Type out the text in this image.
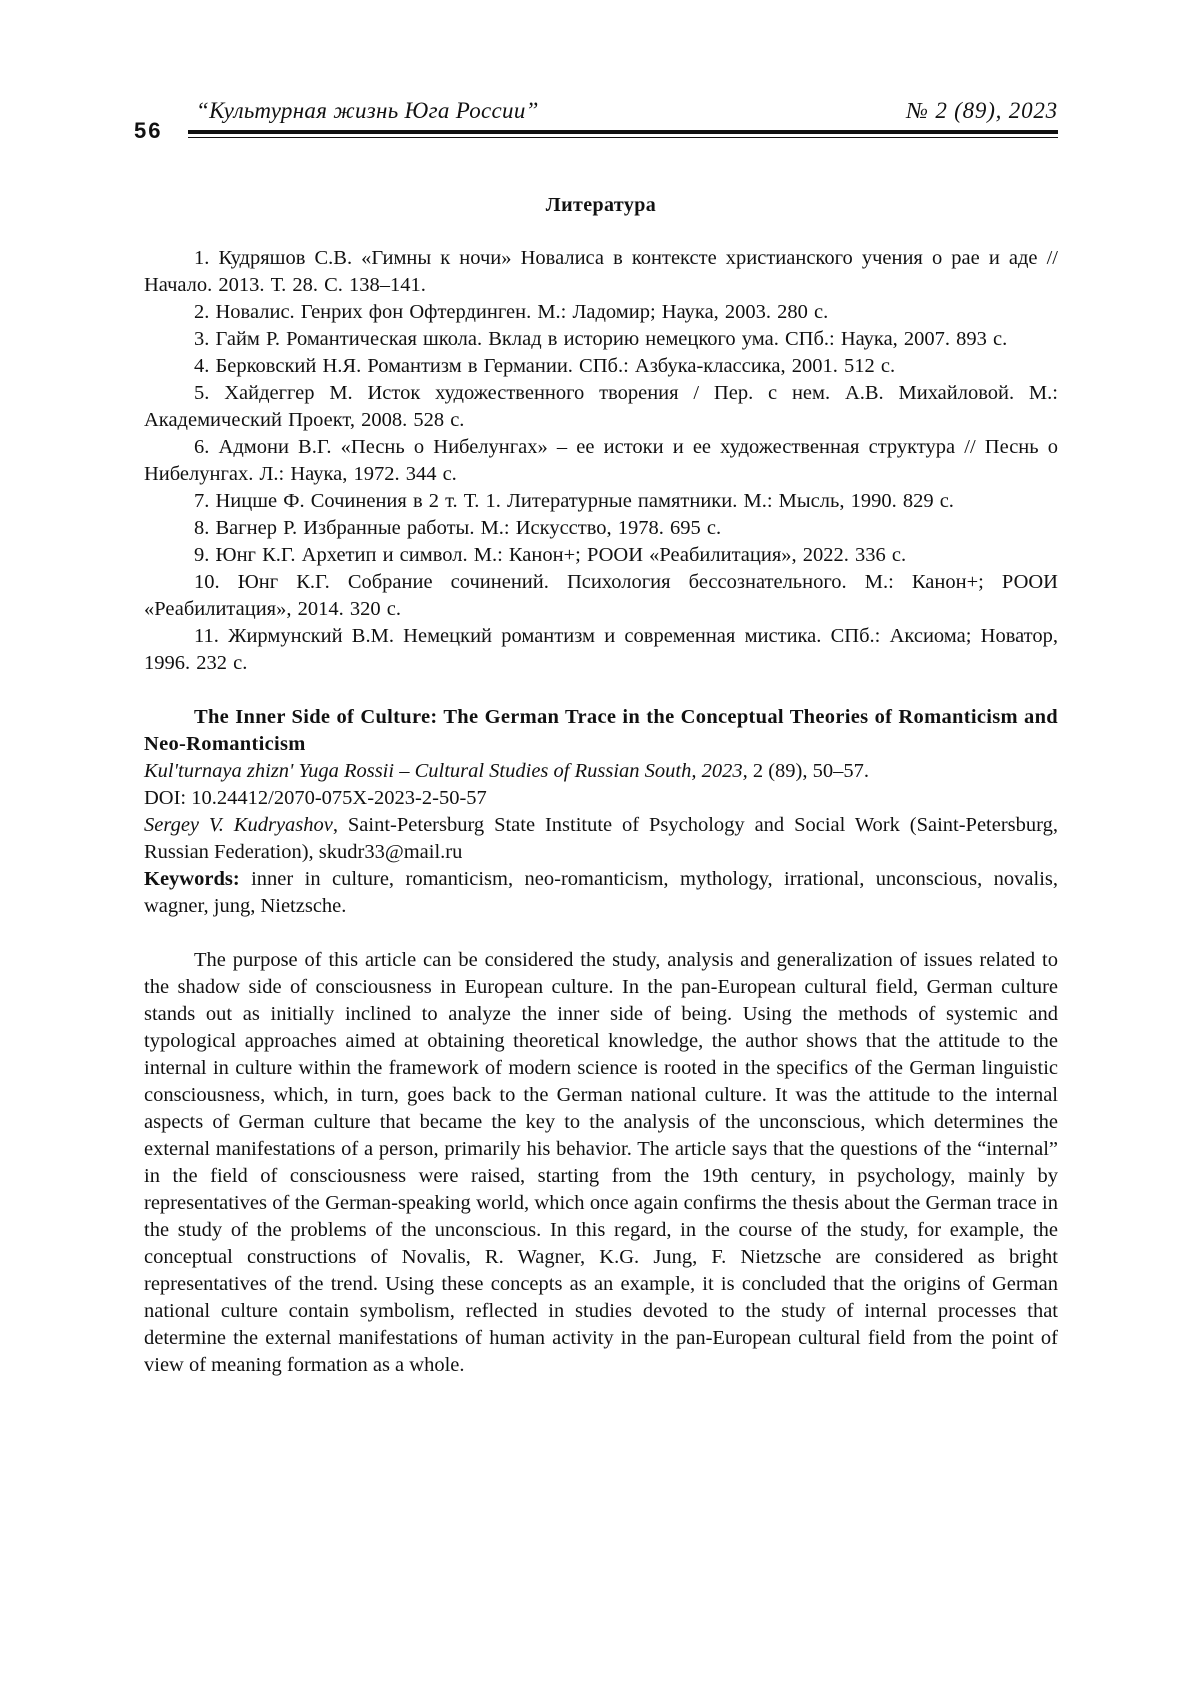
56
“Культурная жизнь Юга России”	№ 2 (89), 2023
Литература
1. Кудряшов С.В. «Гимны к ночи» Новалиса в контексте христианского учения о рае и аде // Начало. 2013. Т. 28. С. 138–141.
2. Новалис. Генрих фон Офтердинген. М.: Ладомир; Наука, 2003. 280 с.
3. Гайм Р. Романтическая школа. Вклад в историю немецкого ума. СПб.: Наука, 2007. 893 с.
4. Берковский Н.Я. Романтизм в Германии. СПб.: Азбука-классика, 2001. 512 с.
5. Хайдеггер М. Исток художественного творения / Пер. с нем. А.В. Михайловой. М.: Академический Проект, 2008. 528 с.
6. Адмони В.Г. «Песнь о Нибелунгах» – ее истоки и ее художественная структура // Песнь о Нибелунгах. Л.: Наука, 1972. 344 с.
7. Ницше Ф. Сочинения в 2 т. Т. 1. Литературные памятники. М.: Мысль, 1990. 829 с.
8. Вагнер Р. Избранные работы. М.: Искусство, 1978. 695 с.
9. Юнг К.Г. Архетип и символ. М.: Канон+; РООИ «Реабилитация», 2022. 336 с.
10. Юнг К.Г. Собрание сочинений. Психология бессознательного. М.: Канон+; РООИ «Реабилитация», 2014. 320 с.
11. Жирмунский В.М. Немецкий романтизм и современная мистика. СПб.: Аксиома; Новатор, 1996. 232 с.

The Inner Side of Culture: The German Trace in the Conceptual Theories of Romanticism and Neo-Romanticism

Kul'turnaya zhizn' Yuga Rossii – Cultural Studies of Russian South, 2023, 2 (89), 50–57.

DOI: 10.24412/2070-075X-2023-2-50-57

Sergey V. Kudryashov, Saint-Petersburg State Institute of Psychology and Social Work (Saint-Petersburg, Russian Federation), skudr33@mail.ru

Keywords: inner in culture, romanticism, neo-romanticism, mythology, irrational, unconscious, novalis, wagner, jung, Nietzsche.

The purpose of this article can be considered the study, analysis and generalization of issues related to the shadow side of consciousness in European culture. In the pan-European cultural field, German culture stands out as initially inclined to analyze the inner side of being. Using the methods of systemic and typological approaches aimed at obtaining theoretical knowledge, the author shows that the attitude to the internal in culture within the framework of modern science is rooted in the specifics of the German linguistic consciousness, which, in turn, goes back to the German national culture. It was the attitude to the internal aspects of German culture that became the key to the analysis of the unconscious, which determines the external manifestations of a person, primarily his behavior. The article says that the questions of the “internal” in the field of consciousness were raised, starting from the 19th century, in psychology, mainly by representatives of the German-speaking world, which once again confirms the thesis about the German trace in the study of the problems of the unconscious. In this regard, in the course of the study, for example, the conceptual constructions of Novalis, R. Wagner, K.G. Jung, F. Nietzsche are considered as bright representatives of the trend. Using these concepts as an example, it is concluded that the origins of German national culture contain symbolism, reflected in studies devoted to the study of internal processes that determine the external manifestations of human activity in the pan-European cultural field from the point of view of meaning formation as a whole.
